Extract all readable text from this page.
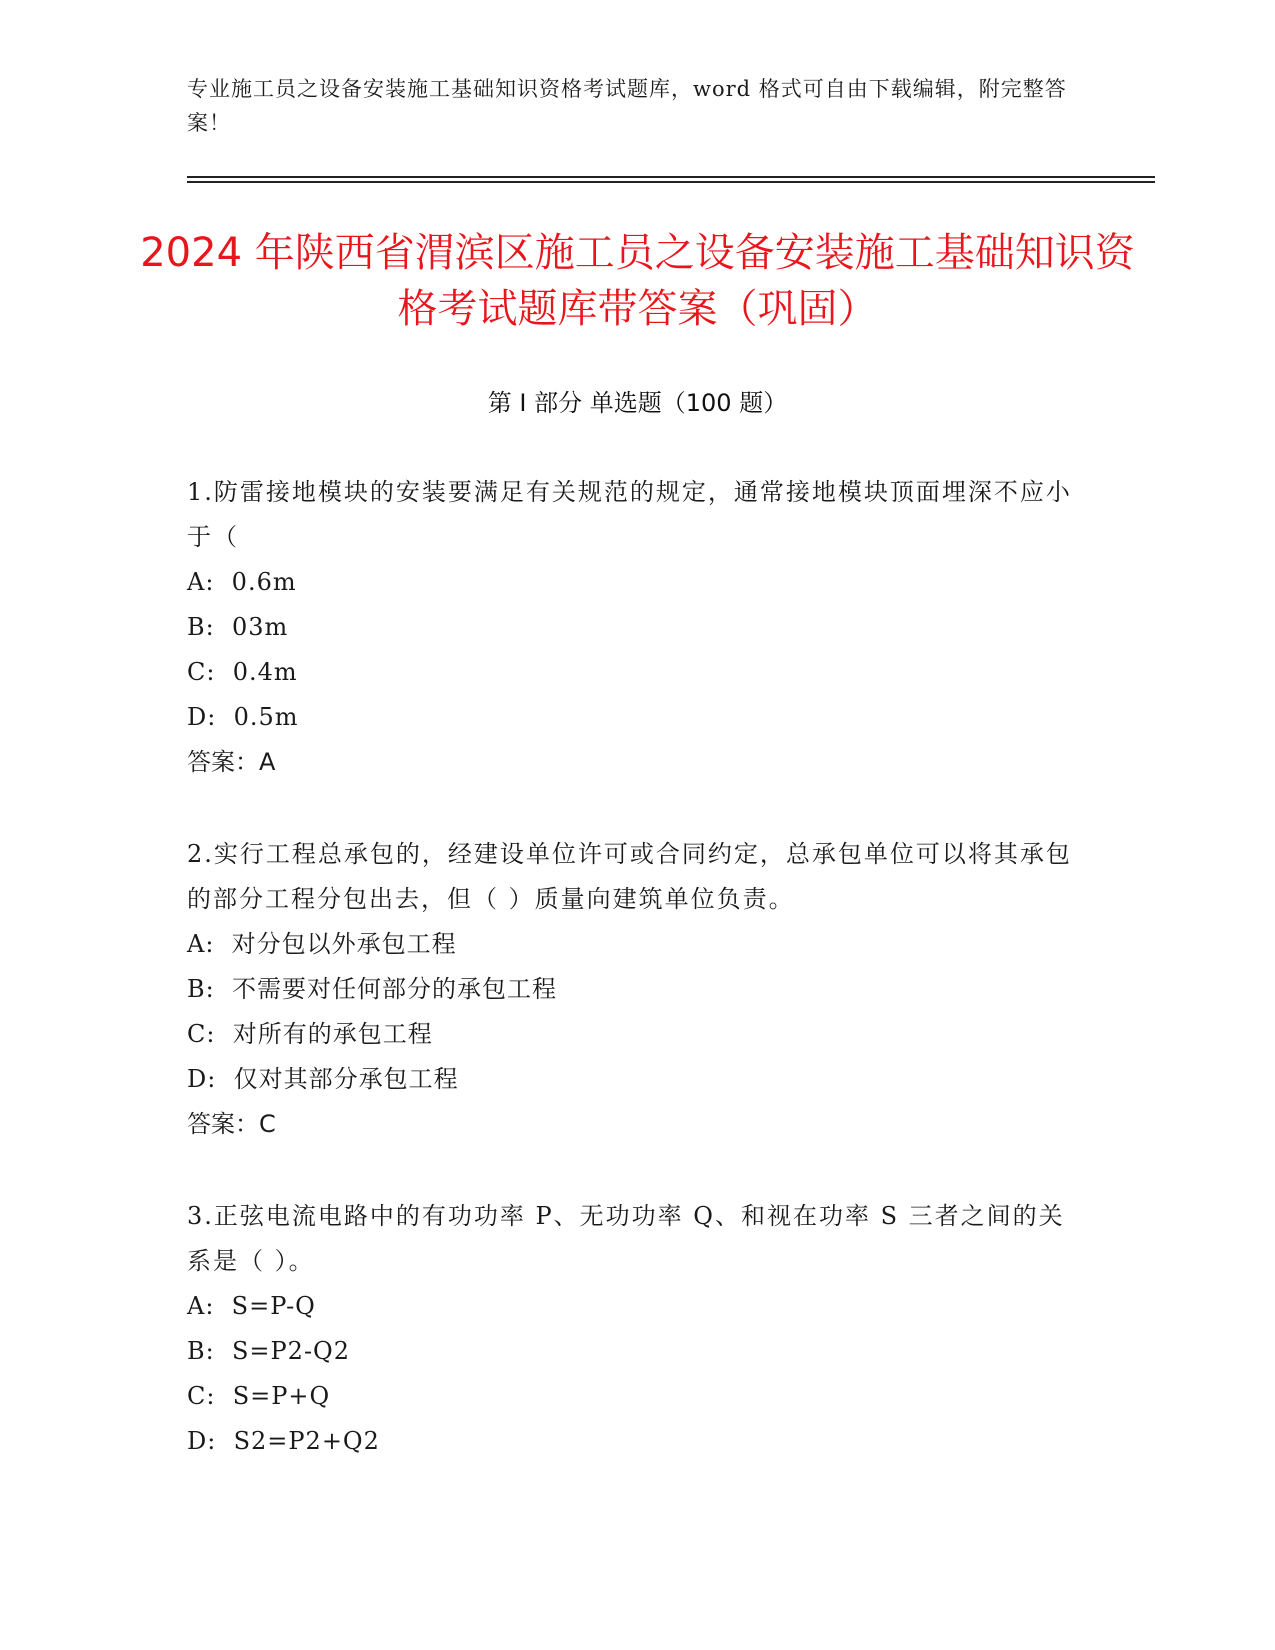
专业施工员之设备安装施工基础知识资格考试题库，word 格式可自由下载编辑，附完整答案！
2024 年陕西省渭滨区施工员之设备安装施工基础知识资格考试题库带答案（巩固）
第 I 部分 单选题（100 题）
1.防雷接地模块的安装要满足有关规范的规定，通常接地模块顶面埋深不应小于（
A:  0.6m
B:  03m
C:  0.4m
D:  0.5m
答案：A
2.实行工程总承包的，经建设单位许可或合同约定，总承包单位可以将其承包的部分工程分包出去，但（ ）质量向建筑单位负责。
A:  对分包以外承包工程
B:  不需要对任何部分的承包工程
C:  对所有的承包工程
D:  仅对其部分承包工程
答案：C
3.正弦电流电路中的有功功率 P、无功功率 Q、和视在功率 S 三者之间的关系是（ ）。
A:  S=P-Q
B:  S=P2-Q2
C:  S=P+Q
D:  S2=P2+Q2
